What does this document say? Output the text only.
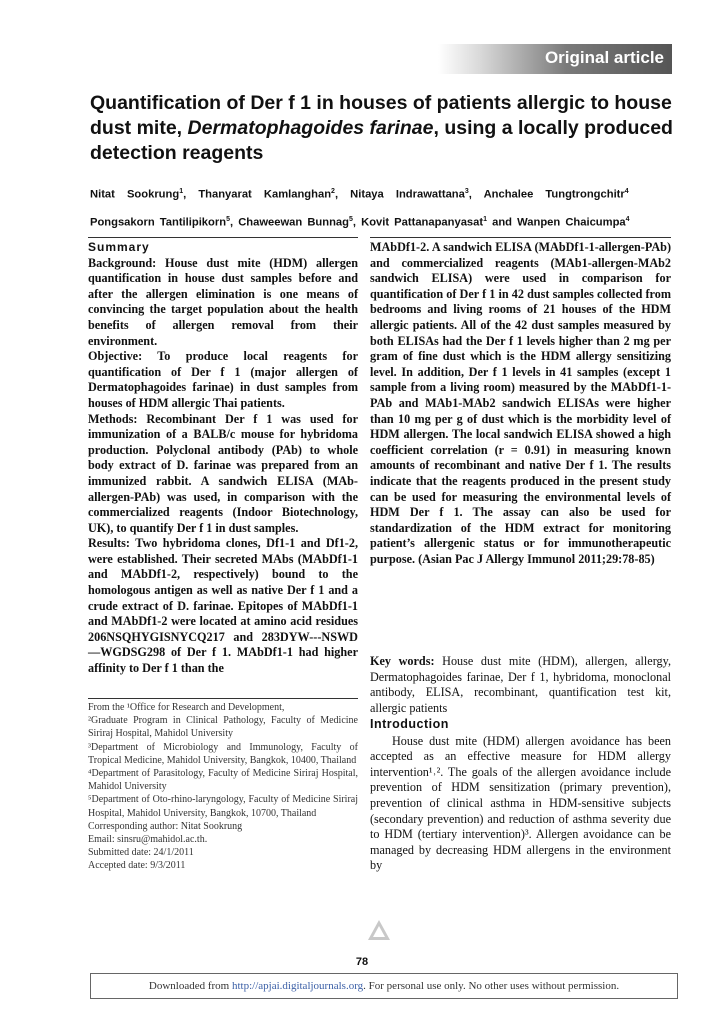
Original article
Quantification of Der f 1 in houses of patients allergic to house dust mite, Dermatophagoides farinae, using a locally produced detection reagents

Nitat Sookrung$^1$, Thanyarat Kamlanghan$^2$, Nitaya Indrawattana$^3$, Anchalee Tungtrongchitr$^4$

Pongsakorn Tantilipikorn$^5$, Chaweewan Bunnag$^5$, Kovit Pattanapanyasat$^1$ and Wanpen Chaicumpa$^4$

Summary

Background: House dust mite (HDM) allergen quantification in house dust samples before and after the allergen elimination is one means of convincing the target population about the health benefits of allergen removal from their environment.

Objective: To produce local reagents for quantification of Der f 1 (major allergen of Dermatophagoides farinae) in dust samples from houses of HDM allergic Thai patients.

Methods: Recombinant Der f 1 was used for immunization of a BALB/c mouse for hybridoma production. Polyclonal antibody (PAb) to whole body extract of D. farinae was prepared from an immunized rabbit. A sandwich ELISA (MAb-allergen-PAb) was used, in comparison with the commercialized reagents (Indoor Biotechnology, UK), to quantify Der f 1 in dust samples.

Results: Two hybridoma clones, Df1-1 and Df1-2, were established. Their secreted MAbs (MAbDf1-1 and MAbDf1-2, respectively) bound to the homologous antigen as well as native Der f 1 and a crude extract of D. farinae. Epitopes of MAbDf1-1 and MAbDf1-2 were located at amino acid residues 206NSQHYGISNYCQ217 and 283DYW---NSWD—WGDSG298 of Der f 1. MAbDf1-1 had higher affinity to Der f 1 than the

From the ¹Office for Research and Development,

²Graduate Program in Clinical Pathology, Faculty of Medicine Siriraj Hospital, Mahidol University

³Department of Microbiology and Immunology, Faculty of Tropical Medicine, Mahidol University, Bangkok, 10400, Thailand

⁴Department of Parasitology, Faculty of Medicine Siriraj Hospital, Mahidol University

⁵Department of Oto-rhino-laryngology, Faculty of Medicine Siriraj Hospital, Mahidol University, Bangkok, 10700, Thailand

Corresponding author: Nitat Sookrung

Email: sinsru@mahidol.ac.th.

Submitted date: 24/1/2011

Accepted date: 9/3/2011

MAbDf1-2. A sandwich ELISA (MAbDf1-1-allergen-PAb) and commercialized reagents (MAb1-allergen-MAb2 sandwich ELISA) were used in comparison for quantification of Der f 1 in 42 dust samples collected from bedrooms and living rooms of 21 houses of the HDM allergic patients. All of the 42 dust samples measured by both ELISAs had the Der f 1 levels higher than 2 mg per gram of fine dust which is the HDM allergy sensitizing level. In addition, Der f 1 levels in 41 samples (except 1 sample from a living room) measured by the MAbDf1-1-PAb and MAb1-MAb2 sandwich ELISAs were higher than 10 mg per g of dust which is the morbidity level of HDM allergen. The local sandwich ELISA showed a high coefficient correlation (r = 0.91) in measuring known amounts of recombinant and native Der f 1. The results indicate that the reagents produced in the present study can be used for measuring the environmental levels of HDM Der f 1. The assay can also be used for standardization of the HDM extract for monitoring patient’s allergenic status or for immunotherapeutic purpose. (Asian Pac J Allergy Immunol 2011;29:78-85)

Key words: House dust mite (HDM), allergen, allergy, Dermatophagoides farinae, Der f 1, hybridoma, monoclonal antibody, ELISA, recombinant, quantification test kit, allergic patients

Introduction

House dust mite (HDM) allergen avoidance has been accepted as an effective measure for HDM allergy intervention¹˒². The goals of the allergen avoidance include prevention of HDM sensitization (primary prevention), prevention of clinical asthma in HDM-sensitive subjects (secondary prevention) and reduction of asthma severity due to HDM (tertiary intervention)³. Allergen avoidance can be managed by decreasing HDM allergens in the environment by

78
Downloaded from http://apjai.digitaljournals.org. For personal use only. No other uses without permission.
